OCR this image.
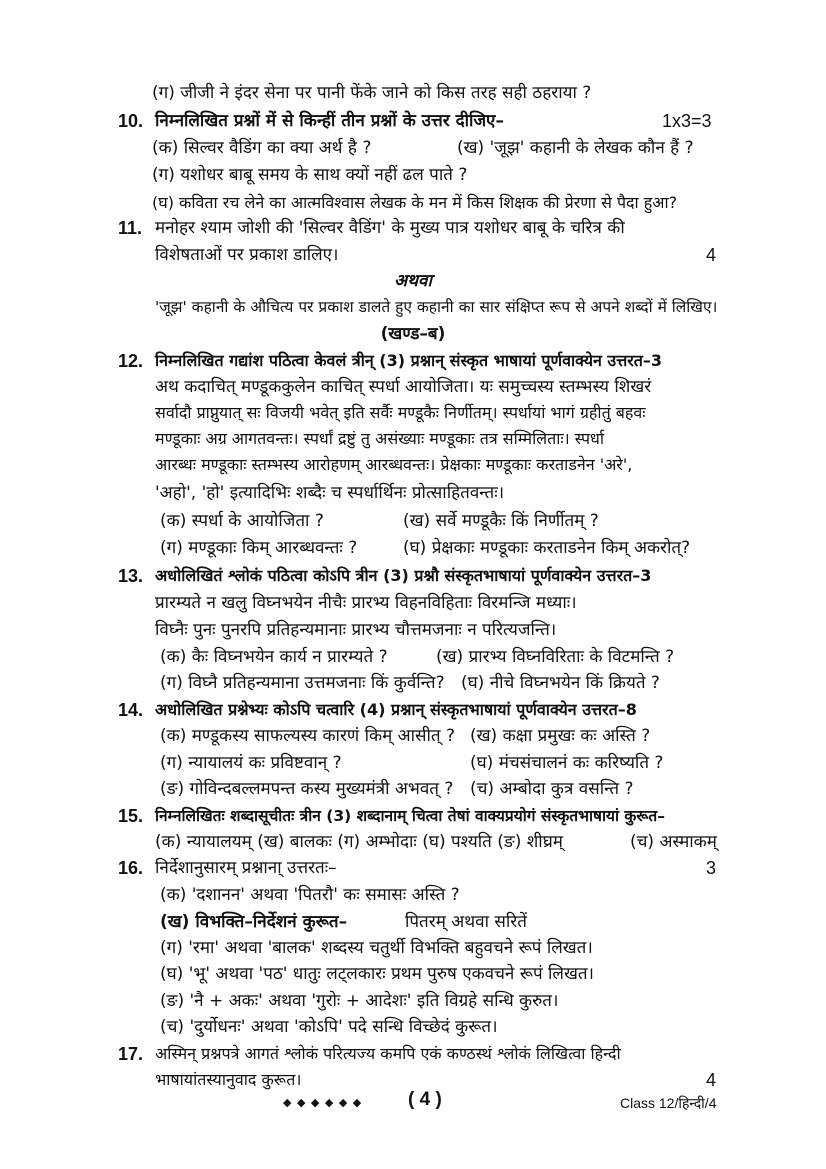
(ग) जीजी ने इंदर सेना पर पानी फेंके जाने को किस तरह सही ठहराया ?
10. निम्नलिखित प्रश्नों में से किन्हीं तीन प्रश्नों के उत्तर दीजिए–	1x3=3
(क) सिल्वर वैडिंग का क्या अर्थ है ?	(ख) 'जूझ' कहानी के लेखक कौन हैं ?
(ग) यशोधर बाबू समय के साथ क्यों नहीं ढल पाते ?
(घ) कविता रच लेने का आत्मविश्वास लेखक के मन में किस शिक्षक की प्रेरणा से पैदा हुआ?
11. मनोहर श्याम जोशी की 'सिल्वर वैडिंग' के मुख्य पात्र यशोधर बाबू के चरित्र की
विशेषताओं पर प्रकाश डालिए।	4
अथवा
'जूझ' कहानी के औचित्य पर प्रकाश डालते हुए कहानी का सार संक्षिप्त रूप से अपने शब्दों में लिखिए।
(खण्ड–ब)
12. निम्नलिखित गद्यांश पठित्वा केवलं त्रीन् (3) प्रश्नान् संस्कृत भाषायां पूर्णवाक्येन उत्तरत–3
अथ कदाचित् मण्डूककुलेन काचित् स्पर्धा आयोजिता। यः समुच्चस्य स्तम्भस्य शिखरं
सर्वादौ प्राप्नुयात् सः विजयी भवेत् इति सर्वैः मण्डूकैः निर्णीतम्। स्पर्धायां भागं ग्रहीतुं बहवः
मण्डूकाः अग्र आगतवन्तः। स्पर्धां द्रष्टुं तु असंख्याः मण्डूकाः तत्र सम्मिलिताः। स्पर्धा
आरब्धः मण्डूकाः स्तम्भस्य आरोहणम् आरब्धवन्तः। प्रेक्षकाः मण्डूकाः करताडनेन 'अरे',
'अहो', 'हो' इत्यादिभिः शब्दैः च स्पर्धार्थिनः प्रोत्साहितवन्तः।
(क) स्पर्धा के आयोजिता ?	(ख) सर्वे मण्डूकैः किं निर्णीतम्‌ ?
(ग) मण्डूकाः किम् आरब्धवन्तः ?	(घ) प्रेक्षकाः मण्डूकाः करताडनेन किम् अकरोत्?
13. अधोलिखितं श्लोकं पठित्वा कोऽपि त्रीन (3) प्रश्नौ संस्कृतभाषायां पूर्णवाक्येन उत्तरत–3
प्रारम्यते न खलु विघ्नभयेन नीचैः प्रारभ्य विहनविहिताः विरमन्जि मध्याः।
विघ्नैः पुनः पुनरपि प्रतिहन्यमानाः प्रारभ्य चौत्तमजनाः न परित्यजन्ति।
(क) कैः विघ्नभयेन कार्य न प्रारम्यते ?	(ख) प्रारभ्य विघ्नविरिताः के विटमन्ति ?
(ग) विघ्नै प्रतिहन्यमाना उत्तमजनाः किं कुर्वन्ति? (घ) नीचे विघ्नभयेन किं क्रियते ?
14. अधोलिखित प्रश्नेभ्यः कोऽपि चत्वारि (4) प्रश्नान् संस्कृतभाषायां पूर्णवाक्येन उत्तरत–8
(क) मण्डूकस्य साफल्यस्य कारणं किम् आसीत् ? (ख) कक्षा प्रमुखः कः अस्ति ?
(ग) न्यायालयं कः प्रविष्टवान् ?	(घ) मंचसंचालनं कः करिष्यति ?
(ङ) गोविन्दबल्लमपन्त कस्य मुख्यमंत्री अभवत् ? (च) अम्बोदा कुत्र वसन्ति ?
15. निम्नलिखितः शब्दासूचीतः त्रीन (3) शब्दानाम् चित्वा तेषां वाक्यप्रयोगं संस्कृतभाषायां कुरूत–
(क) न्यायालयम् (ख) बालकः (ग) अम्भोदाः (घ) पश्यति (ङ) शीघ्रम्	(च) अस्माकम्
16. निर्देशानुसारम् प्रश्नाना् उत्तरतः–	3
(क) 'दशानन' अथवा 'पितरौ' कः समासः अस्ति ?
(ख) विभक्ति–निर्देशनं कुरूत–	पितरम् अथवा सरितें
(ग) 'रमा' अथवा 'बालक' शब्दस्य चतुर्थी विभक्ति बहुवचने रूपं लिखत।
(घ) 'भू' अथवा 'पठ' धातुः लट्लकारः प्रथम पुरुष एकवचने रूपं लिखत।
(ङ) 'नै + अकः' अथवा 'गुरोः + आदेशः' इति विग्रहे सन्धि कुरुत।
(च) 'दुर्योधनः' अथवा 'कोऽपि' पदे सन्धि विच्छेदं कुरूत।
17. अस्मिन् प्रश्नपत्रे आगतं श्लोकं परित्यज्य कमपि एकं कण्ठस्थं श्लोकं लिखित्वा हिन्दी
भाषायांतस्यानुवाद कुरूत।	4
◆ ◆ ◆ ◆ ◆ ◆ ( 4 )	Class 12/हिन्दी/4
